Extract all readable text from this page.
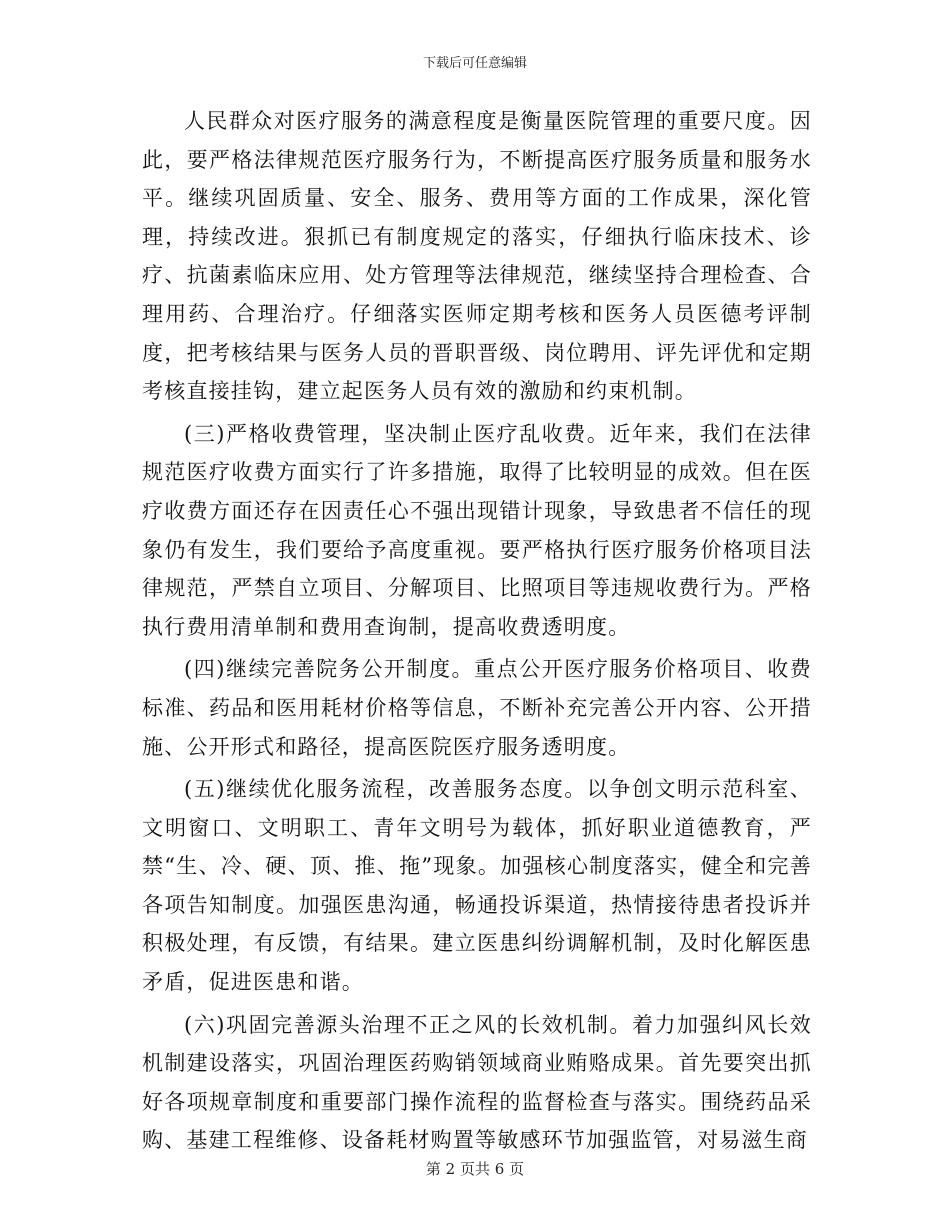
下载后可任意编辑

人民群众对医疗服务的满意程度是衡量医院管理的重要尺度。因此，要严格法律规范医疗服务行为，不断提高医疗服务质量和服务水平。继续巩固质量、安全、服务、费用等方面的工作成果，深化管理，持续改进。狠抓已有制度规定的落实，仔细执行临床技术、诊疗、抗菌素临床应用、处方管理等法律规范，继续坚持合理检查、合理用药、合理治疗。仔细落实医师定期考核和医务人员医德考评制度，把考核结果与医务人员的晋职晋级、岗位聘用、评先评优和定期考核直接挂钩，建立起医务人员有效的激励和约束机制。

(三)严格收费管理，坚决制止医疗乱收费。近年来，我们在法律规范医疗收费方面实行了许多措施，取得了比较明显的成效。但在医疗收费方面还存在因责任心不强出现错计现象，导致患者不信任的现象仍有发生，我们要给予高度重视。要严格执行医疗服务价格项目法律规范，严禁自立项目、分解项目、比照项目等违规收费行为。严格执行费用清单制和费用查询制，提高收费透明度。

(四)继续完善院务公开制度。重点公开医疗服务价格项目、收费标准、药品和医用耗材价格等信息，不断补充完善公开内容、公开措施、公开形式和路径，提高医院医疗服务透明度。

(五)继续优化服务流程，改善服务态度。以争创文明示范科室、文明窗口、文明职工、青年文明号为载体，抓好职业道德教育，严禁“生、冷、硬、顶、推、拖”现象。加强核心制度落实，健全和完善各项告知制度。加强医患沟通，畅通投诉渠道，热情接待患者投诉并积极处理，有反馈，有结果。建立医患纠纷调解机制，及时化解医患矛盾，促进医患和谐。

(六)巩固完善源头治理不正之风的长效机制。着力加强纠风长效机制建设落实，巩固治理医药购销领域商业贿赂成果。首先要突出抓好各项规章制度和重要部门操作流程的监督检查与落实。围绕药品采购、基建工程维修、设备耗材购置等敏感环节加强监管，对易滋生商

第 2 页共 6 页
